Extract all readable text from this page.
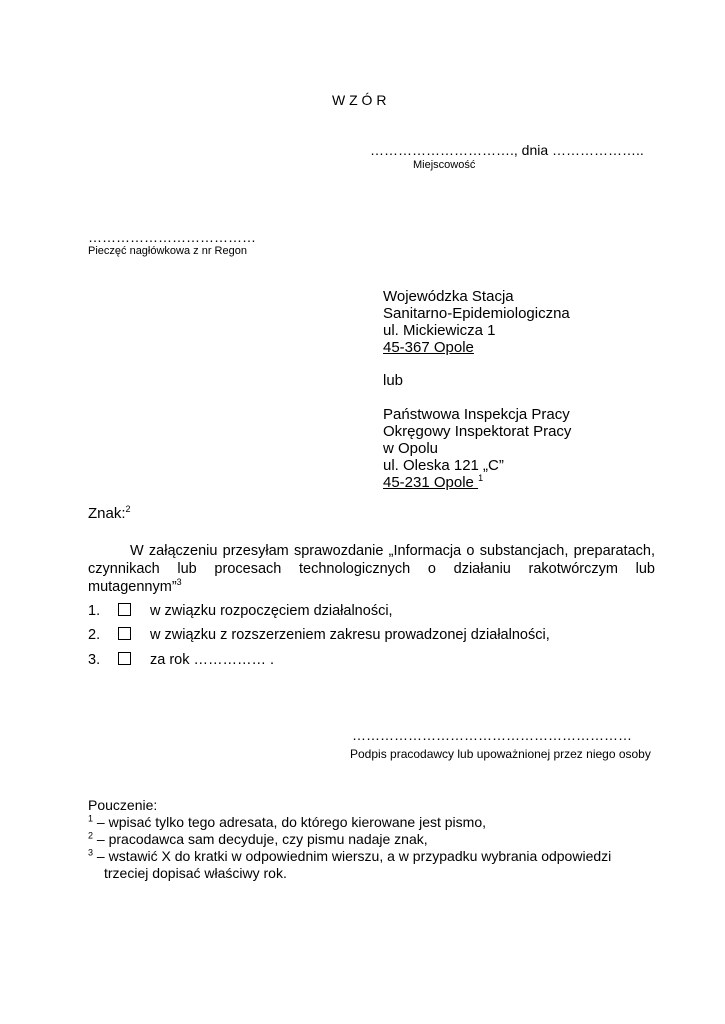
W Z Ó R
…………………………., dnia ………………..
Miejscowość
………………………………
Pieczęć nagłówkowa z nr Regon
Wojewódzka Stacja
Sanitarno-Epidemiologiczna
ul. Mickiewicza 1
45-367 Opole
lub
Państwowa Inspekcja Pracy
Okręgowy Inspektorat Pracy
w Opolu
ul. Oleska 121 „C”
45-231 Opole $^1$
Znak:$^2$
W załączeniu przesyłam sprawozdanie „Informacja o substancjach, preparatach, czynnikach lub procesach technologicznych o działaniu rakotwórczym lub mutagennym”$^3$
1.	w związku rozpoczęciem działalności,
2.	w związku z rozszerzeniem zakresu prowadzonej działalności,
3.	za rok …………… .
……………………………………………………
Podpis pracodawcy lub upoważnionej przez niego osoby
Pouczenie:
$^1$ – wpisać tylko tego adresata, do którego kierowane jest pismo,
$^2$ – pracodawca sam decyduje, czy pismu nadaje znak,
$^3$ – wstawić X do kratki w odpowiednim wierszu, a w przypadku wybrania odpowiedzi
trzeciej dopisać właściwy rok.
